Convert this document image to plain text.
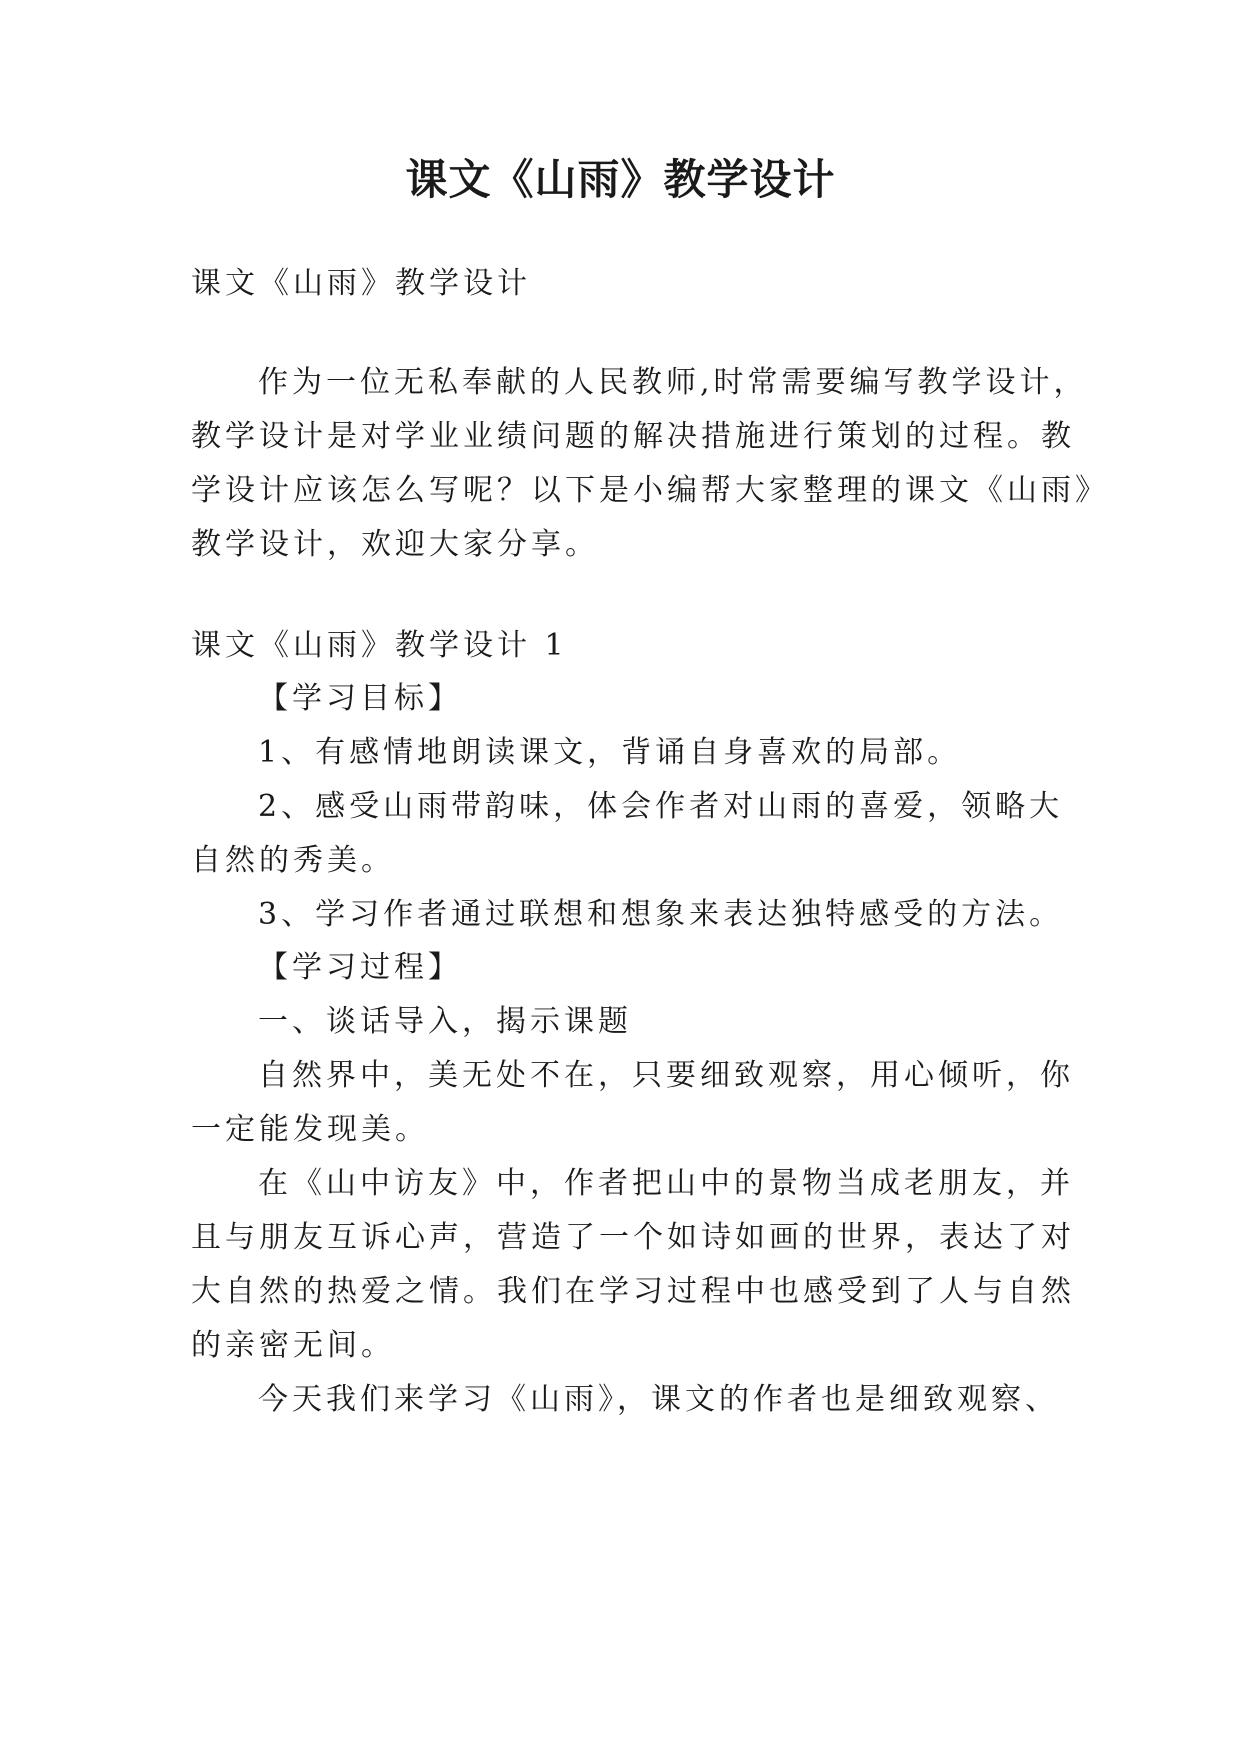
课文《山雨》教学设计

课文《山雨》教学设计

作为一位无私奉献的人民教师,时常需要编写教学设计，

教学设计是对学业业绩问题的解决措施进行策划的过程。教

学设计应该怎么写呢？以下是小编帮大家整理的课文《山雨》

教学设计，欢迎大家分享。

课文《山雨》教学设计 1

【学习目标】

1、有感情地朗读课文，背诵自身喜欢的局部。

2、感受山雨带韵味，体会作者对山雨的喜爱，领略大

自然的秀美。

3、学习作者通过联想和想象来表达独特感受的方法。

【学习过程】

一、谈话导入，揭示课题

自然界中，美无处不在，只要细致观察，用心倾听，你

一定能发现美。

在《山中访友》中，作者把山中的景物当成老朋友，并

且与朋友互诉心声，营造了一个如诗如画的世界，表达了对

大自然的热爱之情。我们在学习过程中也感受到了人与自然

的亲密无间。

今天我们来学习《山雨》，课文的作者也是细致观察、
